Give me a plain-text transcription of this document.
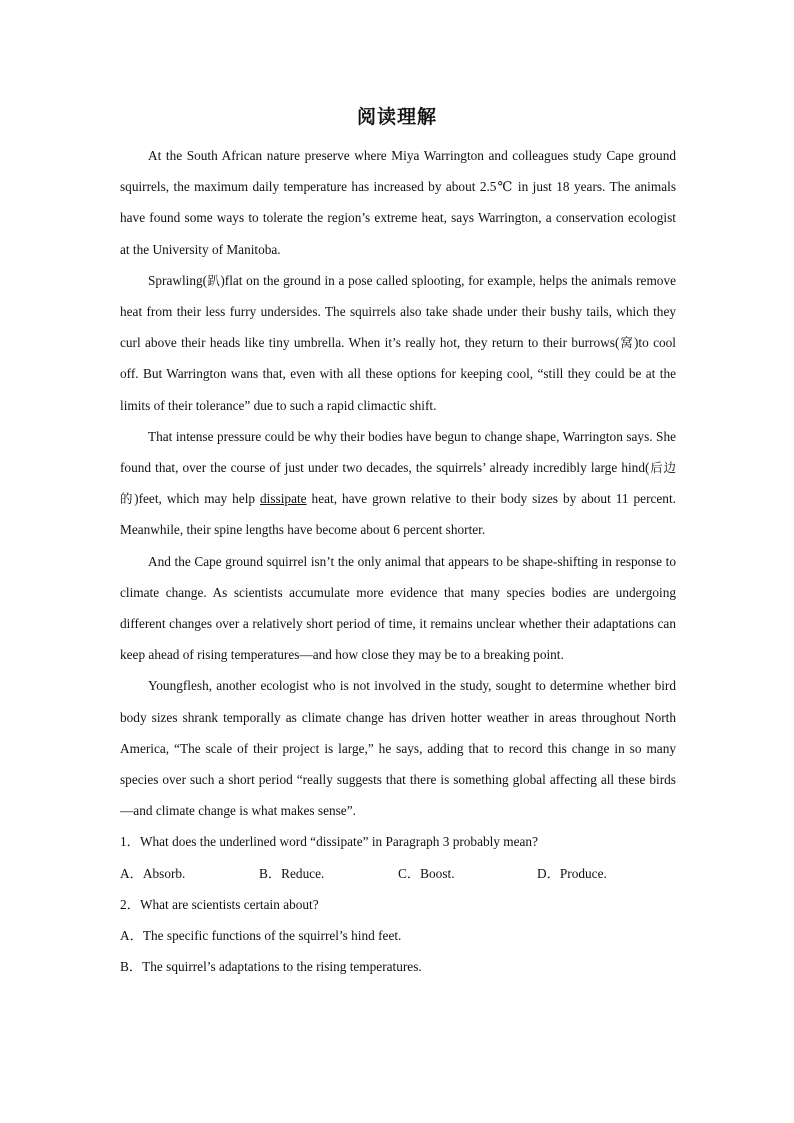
阅读理解

At the South African nature preserve where Miya Warrington and colleagues study Cape ground squirrels, the maximum daily temperature has increased by about 2.5℃ in just 18 years. The animals have found some ways to tolerate the region’s extreme heat, says Warrington, a conservation ecologist at the University of Manitoba.

Sprawling(趴)flat on the ground in a pose called splooting, for example, helps the animals remove heat from their less furry undersides. The squirrels also take shade under their bushy tails, which they curl above their heads like tiny umbrella. When it’s really hot, they return to their burrows(窝)to cool off. But Warrington wans that, even with all these options for keeping cool, “still they could be at the limits of their tolerance” due to such a rapid climactic shift.

That intense pressure could be why their bodies have begun to change shape, Warrington says. She found that, over the course of just under two decades, the squirrels’ already incredibly large hind(后边的)feet, which may help dissipate heat, have grown relative to their body sizes by about 11 percent. Meanwhile, their spine lengths have become about 6 percent shorter.

And the Cape ground squirrel isn’t the only animal that appears to be shape-shifting in response to climate change. As scientists accumulate more evidence that many species bodies are undergoing different changes over a relatively short period of time, it remains unclear whether their adaptations can keep ahead of rising temperatures—and how close they may be to a breaking point.

Youngflesh, another ecologist who is not involved in the study, sought to determine whether bird body sizes shrank temporally as climate change has driven hotter weather in areas throughout North America, “The scale of their project is large,” he says, adding that to record this change in so many species over such a short period “really suggests that there is something global affecting all these birds—and climate change is what makes sense”.

1．What does the underlined word “dissipate” in Paragraph 3 probably mean?

A．Absorb.	B．Reduce.	C．Boost.	D．Produce.

2．What are scientists certain about?

A．The specific functions of the squirrel’s hind feet.

B．The squirrel’s adaptations to the rising temperatures.
